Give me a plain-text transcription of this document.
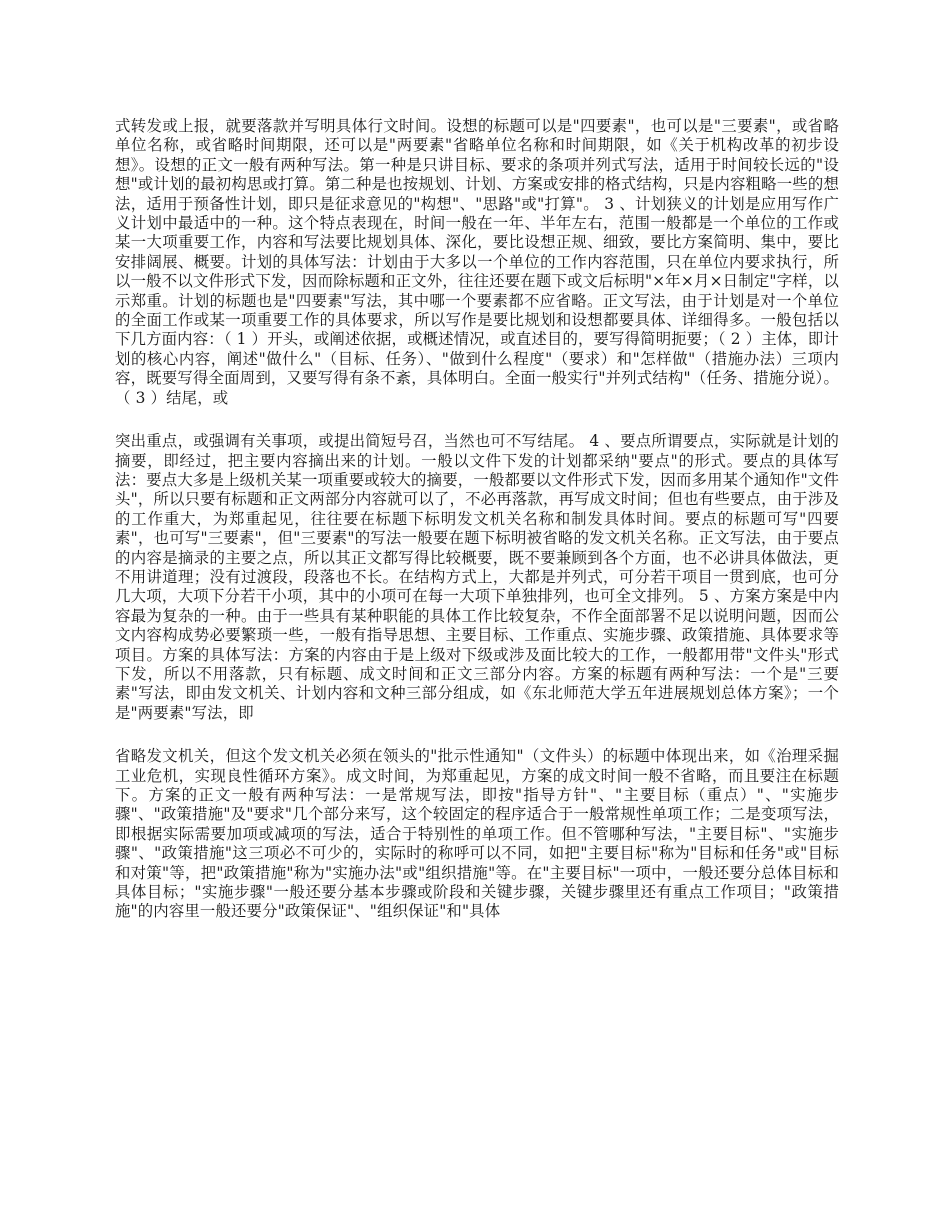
式转发或上报，就要落款并写明具体行文时间。设想的标题可以是"四要素"，也可以是"三要素"，或省略单位名称，或省略时间期限，还可以是"两要素"省略单位名称和时间期限，如《关于机构改革的初步设想》。设想的正文一般有两种写法。第一种是只讲目标、要求的条项并列式写法，适用于时间较长远的"设想"或计划的最初构思或打算。第二种是也按规划、计划、方案或安排的格式结构，只是内容粗略一些的想法，适用于预备性计划，即只是征求意见的"构想"、"思路"或"打算"。 3 、计划狭义的计划是应用写作广义计划中最适中的一种。这个特点表现在，时间一般在一年、半年左右，范围一般都是一个单位的工作或某一大项重要工作，内容和写法要比规划具体、深化，要比设想正规、细致，要比方案简明、集中，要比安排阔展、概要。计划的具体写法：计划由于大多以一个单位的工作内容范围，只在单位内要求执行，所以一般不以文件形式下发，因而除标题和正文外，往往还要在题下或文后标明"×年×月×日制定"字样，以示郑重。计划的标题也是"四要素"写法，其中哪一个要素都不应省略。正文写法，由于计划是对一个单位的全面工作或某一项重要工作的具体要求，所以写作是要比规划和设想都要具体、详细得多。一般包括以下几方面内容：（ 1 ）开头，或阐述依据，或概述情况，或直述目的，要写得简明扼要；（ 2 ）主体，即计划的核心内容，阐述"做什么"（目标、任务）、"做到什么程度"（要求）和"怎样做"（措施办法）三项内容，既要写得全面周到，又要写得有条不紊，具体明白。全面一般实行"并列式结构"（任务、措施分说）。（ 3 ）结尾，或

突出重点，或强调有关事项，或提出简短号召，当然也可不写结尾。 4 、要点所谓要点，实际就是计划的摘要，即经过，把主要内容摘出来的计划。一般以文件下发的计划都采纳"要点"的形式。要点的具体写法：要点大多是上级机关某一项重要或较大的摘要，一般都要以文件形式下发，因而多用某个通知作"文件头"，所以只要有标题和正文两部分内容就可以了，不必再落款，再写成文时间；但也有些要点，由于涉及的工作重大，为郑重起见，往往要在标题下标明发文机关名称和制发具体时间。要点的标题可写"四要素"，也可写"三要素"，但"三要素"的写法一般要在题下标明被省略的发文机关名称。正文写法，由于要点的内容是摘录的主要之点，所以其正文都写得比较概要，既不要兼顾到各个方面，也不必讲具体做法，更不用讲道理；没有过渡段，段落也不长。在结构方式上，大都是并列式，可分若干项目一贯到底，也可分几大项，大项下分若干小项，其中的小项可在每一大项下单独排列，也可全文排列。 5 、方案方案是中内容最为复杂的一种。由于一些具有某种职能的具体工作比较复杂，不作全面部署不足以说明问题，因而公文内容构成势必要繁琐一些，一般有指导思想、主要目标、工作重点、实施步骤、政策措施、具体要求等项目。方案的具体写法：方案的内容由于是上级对下级或涉及面比较大的工作，一般都用带"文件头"形式下发，所以不用落款，只有标题、成文时间和正文三部分内容。方案的标题有两种写法：一个是"三要素"写法，即由发文机关、计划内容和文种三部分组成，如《东北师范大学五年进展规划总体方案》；一个是"两要素"写法，即

省略发文机关，但这个发文机关必须在领头的"批示性通知"（文件头）的标题中体现出来，如《治理采掘工业危机，实现良性循环方案》。成文时间，为郑重起见，方案的成文时间一般不省略，而且要注在标题下。方案的正文一般有两种写法：一是常规写法，即按"指导方针"、"主要目标（重点）"、"实施步骤"、"政策措施"及"要求"几个部分来写，这个较固定的程序适合于一般常规性单项工作；二是变项写法，即根据实际需要加项或减项的写法，适合于特别性的单项工作。但不管哪种写法，"主要目标"、"实施步骤"、"政策措施"这三项必不可少的，实际时的称呼可以不同，如把"主要目标"称为"目标和任务"或"目标和对策"等，把"政策措施"称为"实施办法"或"组织措施"等。在"主要目标"一项中，一般还要分总体目标和具体目标；"实施步骤"一般还要分基本步骤或阶段和关键步骤，关键步骤里还有重点工作项目；"政策措施"的内容里一般还要分"政策保证"、"组织保证"和"具体
